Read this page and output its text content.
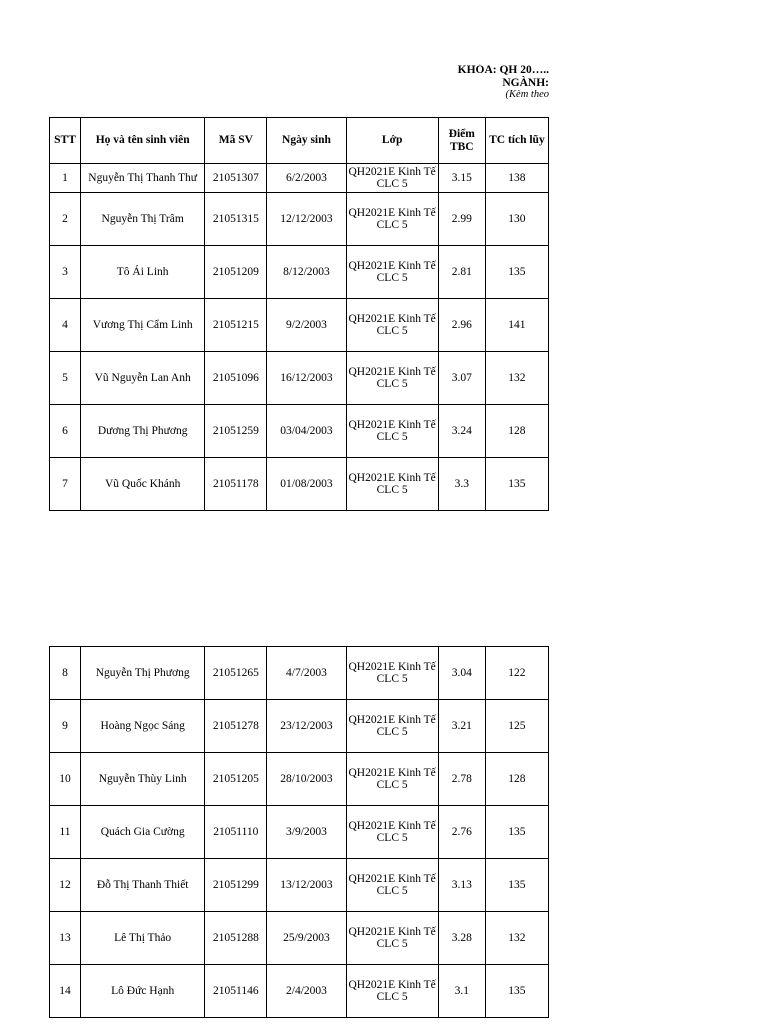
KHÓA: QH 20…..
NGÀNH:
(Kèm theo
STT	Họ và tên sinh viên	Mã SV	Ngày sinh	Lớp	Điểm
TBC	TC tích lũy
1	Nguyễn Thị Thanh Thư	21051307	6/2/2003	QH2021E Kinh Tế
CLC 5	3.15	138
2	Nguyễn Thị Trâm	21051315	12/12/2003	QH2021E Kinh Tế
CLC 5	2.99	130
3	Tô Ái Linh	21051209	8/12/2003	QH2021E Kinh Tế
CLC 5	2.81	135
4	Vương Thị Cẩm Linh	21051215	9/2/2003	QH2021E Kinh Tế
CLC 5	2.96	141
5	Vũ Nguyễn Lan Anh	21051096	16/12/2003	QH2021E Kinh Tế
CLC 5	3.07	132
6	Dương Thị Phương	21051259	03/04/2003	QH2021E Kinh Tế
CLC 5	3.24	128
7	Vũ Quốc Khánh	21051178	01/08/2003	QH2021E Kinh Tế
CLC 5	3.3	135
8	Nguyễn Thị Phương	21051265	4/7/2003	QH2021E Kinh Tế
CLC 5	3.04	122
9	Hoàng Ngọc Sáng	21051278	23/12/2003	QH2021E Kinh Tế
CLC 5	3.21	125
10	Nguyễn Thùy Linh	21051205	28/10/2003	QH2021E Kinh Tế
CLC 5	2.78	128
11	Quách Gia Cường	21051110	3/9/2003	QH2021E Kinh Tế
CLC 5	2.76	135
12	Đỗ Thị Thanh Thiết	21051299	13/12/2003	QH2021E Kinh Tế
CLC 5	3.13	135
13	Lê Thị Thảo	21051288	25/9/2003	QH2021E Kinh Tế
CLC 5	3.28	132
14	Lô Đức Hạnh	21051146	2/4/2003	QH2021E Kinh Tế
CLC 5	3.1	135
